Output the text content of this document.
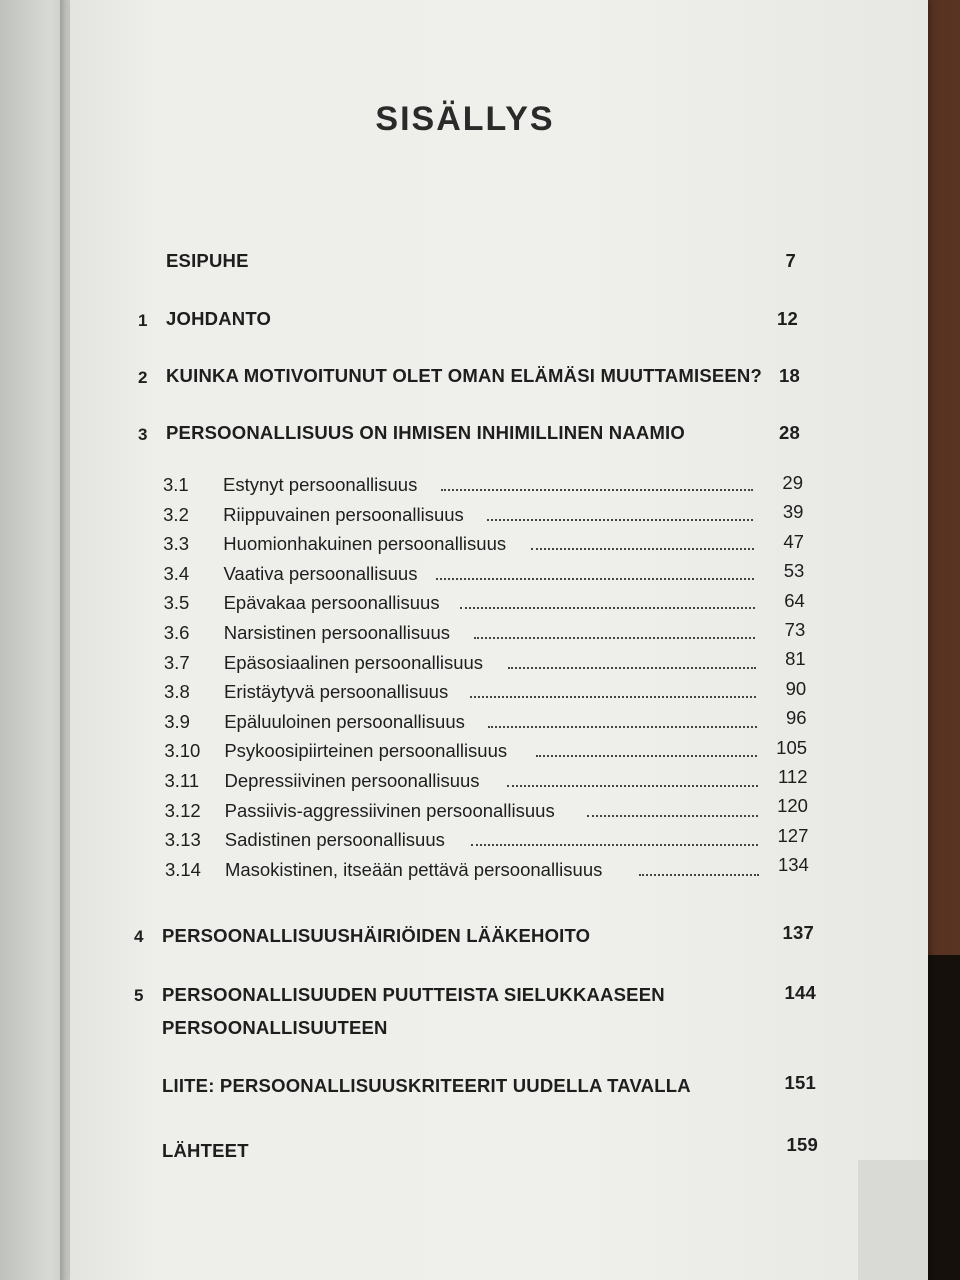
SISÄLLYS
ESIPUHE	7
1 JOHDANTO	12
2 KUINKA MOTIVOITUNUT OLET OMAN ELÄMÄSI MUUTTAMISEEN? 18
3 PERSOONALLISUUS ON IHMISEN INHIMILLINEN NAAMIO	28
3.1 Estynyt persoonallisuus	29
3.2 Riippuvainen persoonallisuus	39
3.3 Huomionhakuinen persoonallisuus	47
3.4 Vaativa persoonallisuus	53
3.5 Epävakaa persoonallisuus	64
3.6 Narsistinen persoonallisuus	73
3.7 Epäsosiaalinen persoonallisuus	81
3.8 Eristäytyvä persoonallisuus	90
3.9 Epäluuloinen persoonallisuus	96
3.10 Psykoosipiirteinen persoonallisuus	105
3.11 Depressiivinen persoonallisuus	112
3.12 Passiivis-aggressiivinen persoonallisuus	120
3.13 Sadistinen persoonallisuus	127
3.14 Masokistinen, itseään pettävä persoonallisuus	134
4 PERSOONALLISUUSHÄIRIÖIDEN LÄÄKEHOITO	137
5 PERSOONALLISUUDEN PUUTTEISTA SIELUKKAASEEN
PERSOONALLISUUTEEN
144
LIITE: PERSOONALLISUUSKRITEERIT UUDELLA TAVALLA	151
LÄHTEET	159
